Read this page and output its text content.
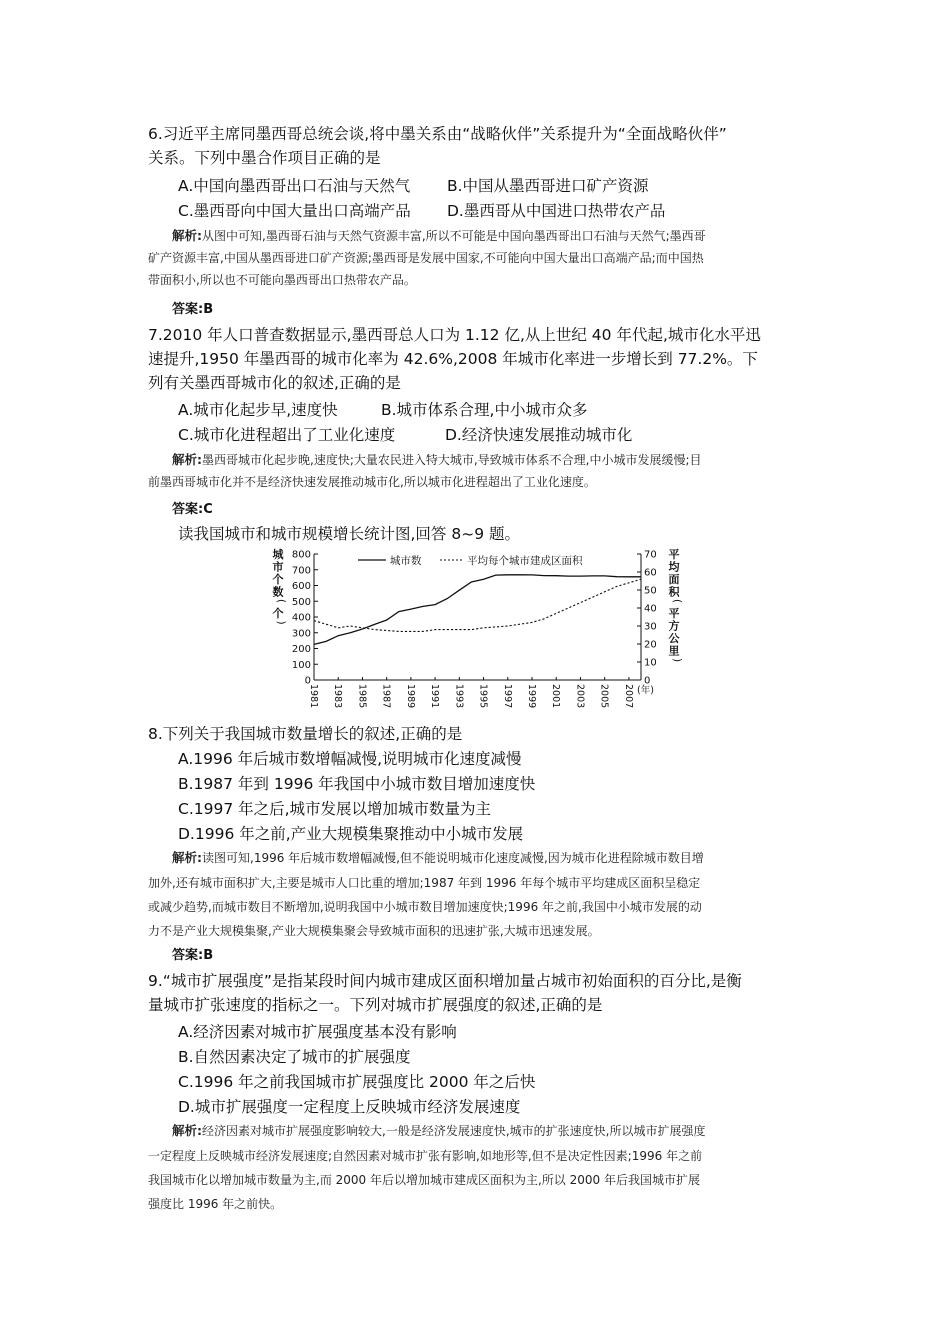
6.习近平主席同墨西哥总统会谈,将中墨关系由“战略伙伴”关系提升为“全面战略伙伴”
关系。下列中墨合作项目正确的是
A.中国向墨西哥出口石油与天然气 B.中国从墨西哥进口矿产资源
C.墨西哥向中国大量出口高端产品 D.墨西哥从中国进口热带农产品
解析:从图中可知,墨西哥石油与天然气资源丰富,所以不可能是中国向墨西哥出口石油与天然气;墨西哥
矿产资源丰富,中国从墨西哥进口矿产资源;墨西哥是发展中国家,不可能向中国大量出口高端产品;而中国热
带面积小,所以也不可能向墨西哥出口热带农产品。
答案:B
7.2010 年人口普查数据显示,墨西哥总人口为 1.12 亿,从上世纪 40 年代起,城市化水平迅
速提升,1950 年墨西哥的城市化率为 42.6%,2008 年城市化率进一步增长到 77.2%。下
列有关墨西哥城市化的叙述,正确的是
A.城市化起步早,速度快	B.城市体系合理,中小城市众多
C.城市化进程超出了工业化速度	D.经济快速发展推动城市化
解析:墨西哥城市化起步晚,速度快;大量农民进入特大城市,导致城市体系不合理,中小城市发展缓慢;目
前墨西哥城市化并不是经济快速发展推动城市化,所以城市化进程超出了工业化速度。
答案:C
读我国城市和城市规模增长统计图,回答 8~9 题。
0
100
200
300
400
500
600
700
800
0
10
20
30
40
50
60
70
1981 1983 1985 1987 1989 1991 1993 1995 1997 1999 2001 2003 2005 2007 (年)
城
市
个
数
(
个
)
平
均
面
积
(
平
方
公
里
)
城市数	平均每个城市建成区面积
8.下列关于我国城市数量增长的叙述,正确的是
A.1996 年后城市数增幅减慢,说明城市化速度减慢
B.1987 年到 1996 年我国中小城市数目增加速度快
C.1997 年之后,城市发展以增加城市数量为主
D.1996 年之前,产业大规模集聚推动中小城市发展
解析:读图可知,1996 年后城市数增幅减慢,但不能说明城市化速度减慢,因为城市化进程除城市数目增
加外,还有城市面积扩大,主要是城市人口比重的增加;1987 年到 1996 年每个城市平均建成区面积呈稳定
或减少趋势,而城市数目不断增加,说明我国中小城市数目增加速度快;1996 年之前,我国中小城市发展的动
力不是产业大规模集聚,产业大规模集聚会导致城市面积的迅速扩张,大城市迅速发展。
答案:B
9.“城市扩展强度”是指某段时间内城市建成区面积增加量占城市初始面积的百分比,是衡
量城市扩张速度的指标之一。下列对城市扩展强度的叙述,正确的是
A.经济因素对城市扩展强度基本没有影响
B.自然因素决定了城市的扩展强度
C.1996 年之前我国城市扩展强度比 2000 年之后快
D.城市扩展强度一定程度上反映城市经济发展速度
解析:经济因素对城市扩展强度影响较大,一般是经济发展速度快,城市的扩张速度快,所以城市扩展强度
一定程度上反映城市经济发展速度;自然因素对城市扩张有影响,如地形等,但不是决定性因素;1996 年之前
我国城市化以增加城市数量为主,而 2000 年后以增加城市建成区面积为主,所以 2000 年后我国城市扩展
强度比 1996 年之前快。
